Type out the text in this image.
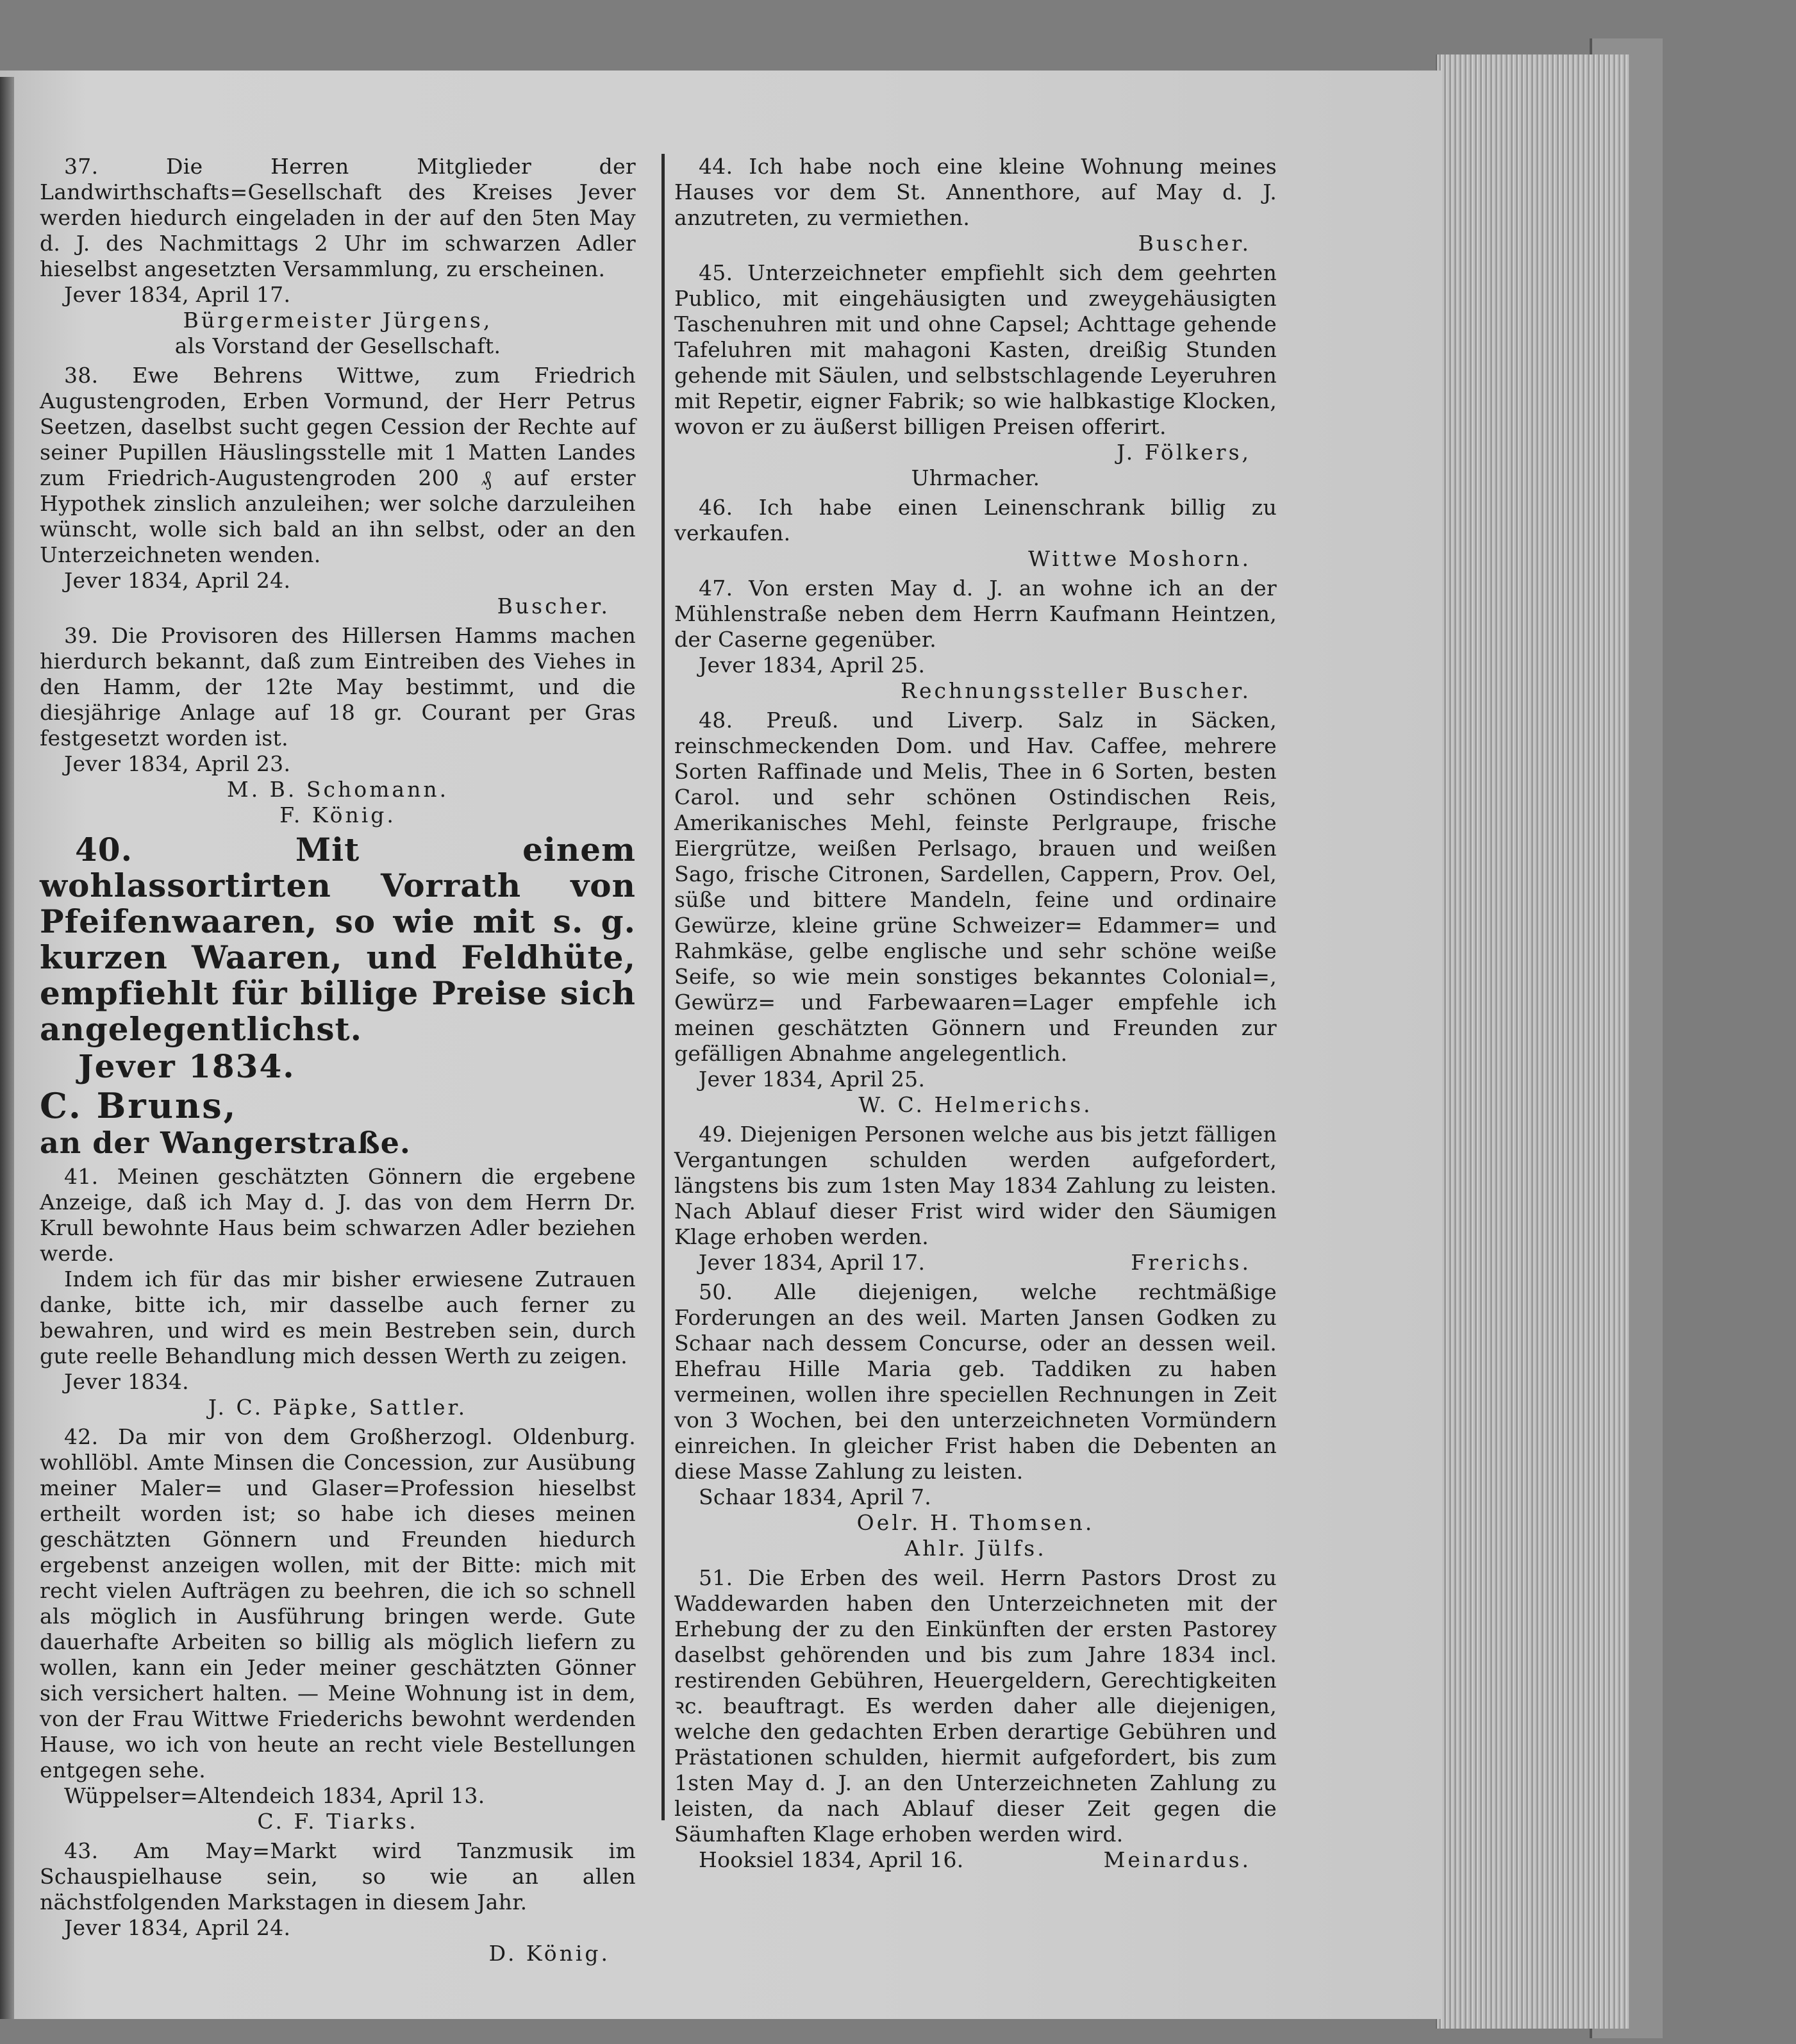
37. Die Herren Mitglieder der Landwirthschafts=Gesellschaft des Kreises Jever werden hiedurch eingeladen in der auf den 5ten May d. J. des Nachmittags 2 Uhr im schwarzen Adler hieselbst angesetzten Versammlung, zu erscheinen.

Jever 1834, April 17.

Bürgermeister Jürgens,

als Vorstand der Gesellschaft.

38. Ewe Behrens Wittwe, zum Friedrich Augustengroden, Erben Vormund, der Herr Petrus Seetzen, daselbst sucht gegen Cession der Rechte auf seiner Pupillen Häuslingsstelle mit 1 Matten Landes zum Friedrich-Augustengroden 200 ₰ auf erster Hypothek zinslich anzuleihen; wer solche darzuleihen wünscht, wolle sich bald an ihn selbst, oder an den Unterzeichneten wenden.

Jever 1834, April 24.

Buscher.

39. Die Provisoren des Hillersen Hamms machen hierdurch bekannt, daß zum Eintreiben des Viehes in den Hamm, der 12te May bestimmt, und die diesjährige Anlage auf 18 gr. Courant per Gras festgesetzt worden ist.

Jever 1834, April 23.

M. B. Schomann.

F. König.

40. Mit einem wohlassortirten Vorrath von Pfeifenwaaren, so wie mit s. g. kurzen Waaren, und Feldhüte, empfiehlt für billige Preise sich angelegentlichst.

Jever 1834.

C. Bruns,

an der Wangerstraße.

41. Meinen geschätzten Gönnern die ergebene Anzeige, daß ich May d. J. das von dem Herrn Dr. Krull bewohnte Haus beim schwarzen Adler beziehen werde.

Indem ich für das mir bisher erwiesene Zutrauen danke, bitte ich, mir dasselbe auch ferner zu bewahren, und wird es mein Bestreben sein, durch gute reelle Behandlung mich dessen Werth zu zeigen.

Jever 1834.

J. C. Päpke, Sattler.

42. Da mir von dem Großherzogl. Oldenburg. wohllöbl. Amte Minsen die Concession, zur Ausübung meiner Maler= und Glaser=Profession hieselbst ertheilt worden ist; so habe ich dieses meinen geschätzten Gönnern und Freunden hiedurch ergebenst anzeigen wollen, mit der Bitte: mich mit recht vielen Aufträgen zu beehren, die ich so schnell als möglich in Ausführung bringen werde. Gute dauerhafte Arbeiten so billig als möglich liefern zu wollen, kann ein Jeder meiner geschätzten Gönner sich versichert halten. — Meine Wohnung ist in dem, von der Frau Wittwe Friederichs bewohnt werdenden Hause, wo ich von heute an recht viele Bestellungen entgegen sehe.

Wüppelser=Altendeich 1834, April 13.

C. F. Tiarks.

43. Am May=Markt wird Tanzmusik im Schauspielhause sein, so wie an allen nächstfolgenden Markstagen in diesem Jahr.

Jever 1834, April 24.

D. König.

44. Ich habe noch eine kleine Wohnung meines Hauses vor dem St. Annenthore, auf May d. J. anzutreten, zu vermiethen.

Buscher.

45. Unterzeichneter empfiehlt sich dem geehrten Publico, mit eingehäusigten und zweygehäusigten Taschenuhren mit und ohne Capsel; Achttage gehende Tafeluhren mit mahagoni Kasten, dreißig Stunden gehende mit Säulen, und selbstschlagende Leyeruhren mit Repetir, eigner Fabrik; so wie halbkastige Klocken, wovon er zu äußerst billigen Preisen offerirt.

J. Fölkers,

Uhrmacher.

46. Ich habe einen Leinenschrank billig zu verkaufen.

Wittwe Moshorn.

47. Von ersten May d. J. an wohne ich an der Mühlenstraße neben dem Herrn Kaufmann Heintzen, der Caserne gegenüber.

Jever 1834, April 25.

Rechnungssteller Buscher.

48. Preuß. und Liverp. Salz in Säcken, reinschmeckenden Dom. und Hav. Caffee, mehrere Sorten Raffinade und Melis, Thee in 6 Sorten, besten Carol. und sehr schönen Ostindischen Reis, Amerikanisches Mehl, feinste Perlgraupe, frische Eiergrütze, weißen Perlsago, brauen und weißen Sago, frische Citronen, Sardellen, Cappern, Prov. Oel, süße und bittere Mandeln, feine und ordinaire Gewürze, kleine grüne Schweizer= Edammer= und Rahmkäse, gelbe englische und sehr schöne weiße Seife, so wie mein sonstiges bekanntes Colonial=, Gewürz= und Farbewaaren=Lager empfehle ich meinen geschätzten Gönnern und Freunden zur gefälligen Abnahme angelegentlich.

Jever 1834, April 25.

W. C. Helmerichs.

49. Diejenigen Personen welche aus bis jetzt fälligen Vergantungen schulden werden aufgefordert, längstens bis zum 1sten May 1834 Zahlung zu leisten. Nach Ablauf dieser Frist wird wider den Säumigen Klage erhoben werden.

Jever 1834, April 17.	Frerichs.

50. Alle diejenigen, welche rechtmäßige Forderungen an des weil. Marten Jansen Godken zu Schaar nach dessem Concurse, oder an dessen weil. Ehefrau Hille Maria geb. Taddiken zu haben vermeinen, wollen ihre speciellen Rechnungen in Zeit von 3 Wochen, bei den unterzeichneten Vormündern einreichen. In gleicher Frist haben die Debenten an diese Masse Zahlung zu leisten.

Schaar 1834, April 7.

Oelr. H. Thomsen.

Ahlr. Jülfs.

51. Die Erben des weil. Herrn Pastors Drost zu Waddewarden haben den Unterzeichneten mit der Erhebung der zu den Einkünften der ersten Pastorey daselbst gehörenden und bis zum Jahre 1834 incl. restirenden Gebühren, Heuergeldern, Gerechtigkeiten ꝛc. beauftragt. Es werden daher alle diejenigen, welche den gedachten Erben derartige Gebühren und Prästationen schulden, hiermit aufgefordert, bis zum 1sten May d. J. an den Unterzeichneten Zahlung zu leisten, da nach Ablauf dieser Zeit gegen die Säumhaften Klage erhoben werden wird.

Hooksiel 1834, April 16.	Meinardus.
